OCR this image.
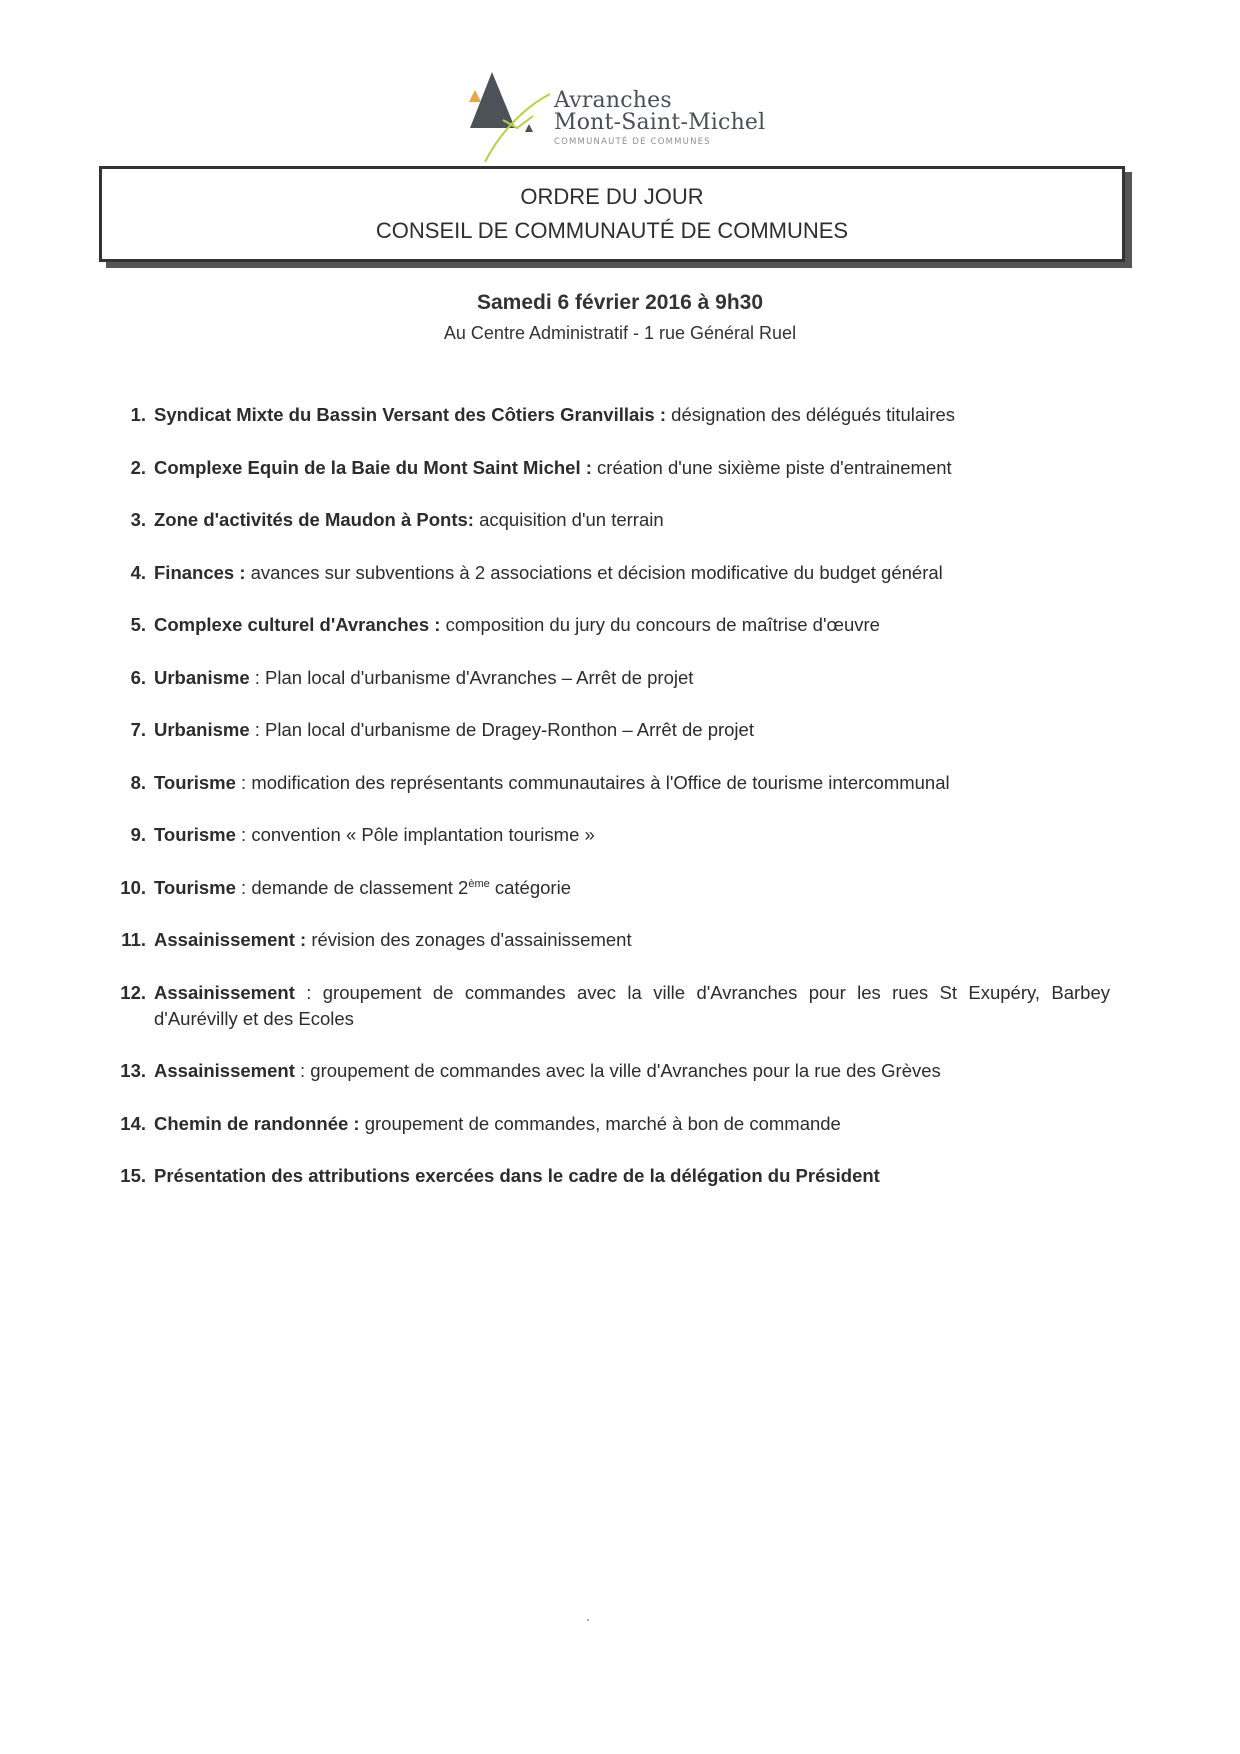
Avranches
Mont-Saint-Michel
COMMUNAUTÉ DE COMMUNES
ORDRE DU JOUR
CONSEIL DE COMMUNAUTÉ DE COMMUNES
Samedi 6 février 2016 à 9h30
Au Centre Administratif - 1 rue Général Ruel
1. Syndicat Mixte du Bassin Versant des Côtiers Granvillais : désignation des délégués titulaires
2. Complexe Equin de la Baie du Mont Saint Michel : création d'une sixième piste d'entrainement
3. Zone d'activités de Maudon à Ponts: acquisition d'un terrain
4. Finances : avances sur subventions à 2 associations et décision modificative du budget général
5. Complexe culturel d'Avranches : composition du jury du concours de maîtrise d'œuvre
6. Urbanisme : Plan local d'urbanisme d'Avranches – Arrêt de projet
7. Urbanisme : Plan local d'urbanisme de Dragey-Ronthon – Arrêt de projet
8. Tourisme : modification des représentants communautaires à l'Office de tourisme intercommunal
9. Tourisme : convention « Pôle implantation tourisme »
10. Tourisme : demande de classement 2ème catégorie
11. Assainissement : révision des zonages d'assainissement
12. Assainissement : groupement de commandes avec la ville d'Avranches pour les rues St Exupéry, Barbey d'Aurévilly et des Ecoles
13. Assainissement : groupement de commandes avec la ville d'Avranches pour la rue des Grèves
14. Chemin de randonnée : groupement de commandes, marché à bon de commande
15. Présentation des attributions exercées dans le cadre de la délégation du Président
